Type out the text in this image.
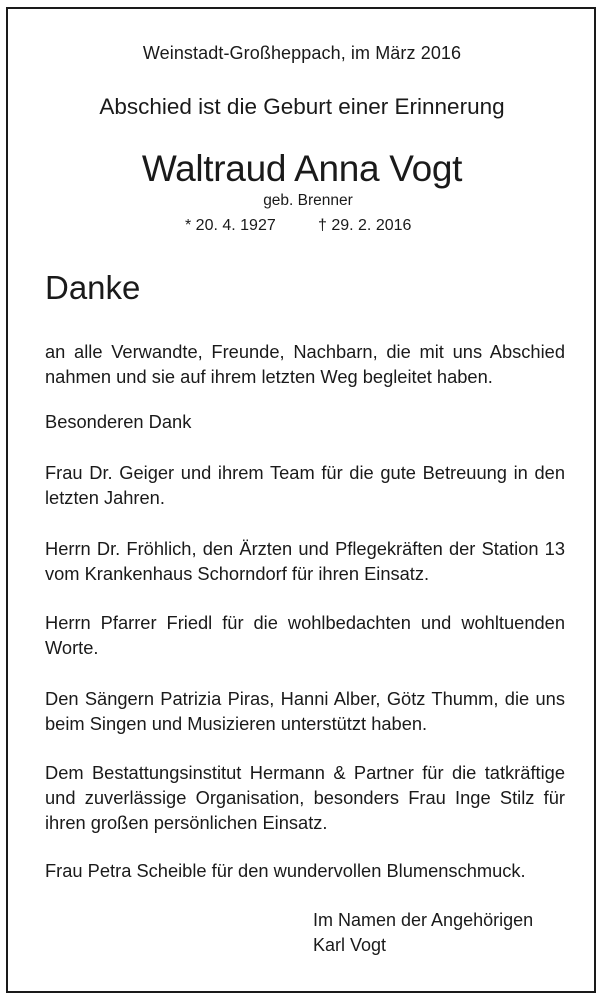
Weinstadt-Großheppach, im März 2016
Abschied ist die Geburt einer Erinnerung
Waltraud Anna Vogt
geb. Brenner
* 20. 4. 1927	† 29. 2. 2016
Danke

an alle Verwandte, Freunde, Nachbarn, die mit uns Abschied nahmen und sie auf ihrem letzten Weg begleitet haben.

Besonderen Dank

Frau Dr. Geiger und ihrem Team für die gute Betreuung in den letzten Jahren.

Herrn Dr. Fröhlich, den Ärzten und Pflegekräften der Station 13 vom Krankenhaus Schorndorf für ihren Einsatz.

Herrn Pfarrer Friedl für die wohlbedachten und wohltuenden Worte.

Den Sängern Patrizia Piras, Hanni Alber, Götz Thumm, die uns beim Singen und Musizieren unterstützt haben.

Dem Bestattungsinstitut Hermann & Partner für die tatkräftige und zuverlässige Organisation, besonders Frau Inge Stilz für ihren großen persönlichen Einsatz.

Frau Petra Scheible für den wundervollen Blumenschmuck.

Im Namen der Angehörigen
Karl Vogt
